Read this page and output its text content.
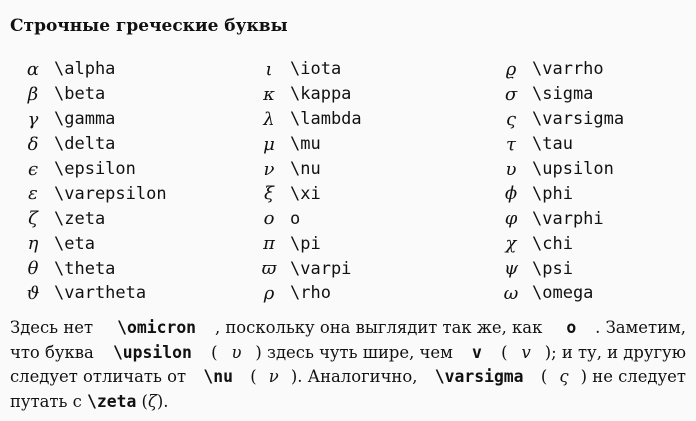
Строчные греческие буквы
α \alpha
β \beta
γ \gamma
δ \delta
ϵ \epsilon
ε \varepsilon
ζ \zeta
η \eta
θ \theta
ϑ \vartheta
ι	\iota
κ \kappa
λ \lambda
μ \mu
ν \nu
ξ \xi
o o
π \pi
ϖ \varpi
ρ \rho
ϱ \varrho
σ \sigma
ς \varsigma
τ \tau
υ \upsilon
ϕ \phi
φ \varphi
χ \chi
ψ \psi
ω \omega
Здесь нет \omicron , поскольку она выглядит так же, как o . Заметим,
что буква \upsilon ( υ ) здесь чуть шире, чем v ( v ); и ту, и другую
следует отличать от \nu ( ν ). Аналогично, \varsigma ( ς ) не следует
путать с \zeta ( ζ ).
